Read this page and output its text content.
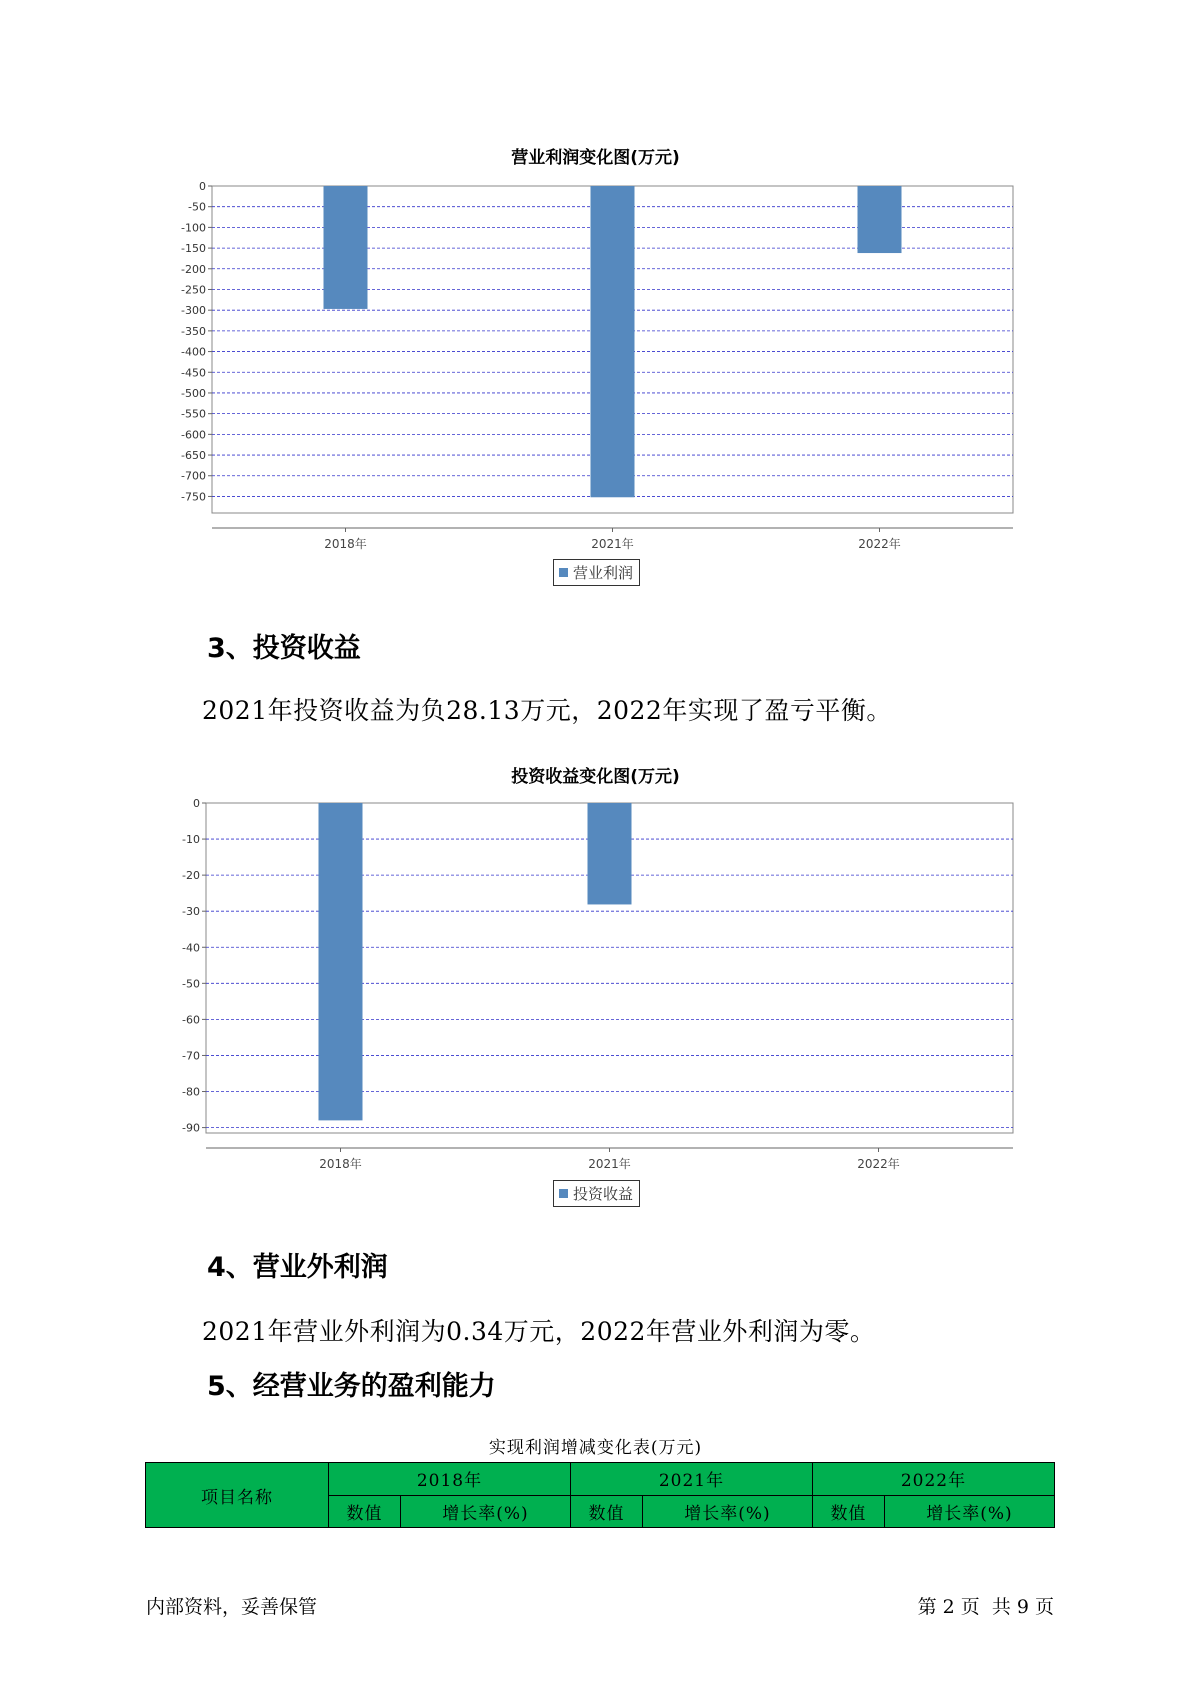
营业利润变化图(万元)
0
-50
-100
-150
-200
-250
-300
-350
-400
-450
-500
-550
-600
-650
-700
-750
2018年	2021年	2022年
营业利润
3、投资收益
2021年投资收益为负28.13万元，2022年实现了盈亏平衡。
投资收益变化图(万元)
0
-10
-20
-30
-40
-50
-60
-70
-80
-90
2018年	2021年	2022年
投资收益
4、营业外利润
2021年营业外利润为0.34万元，2022年营业外利润为零。
5、经营业务的盈利能力
实现利润增减变化表(万元)
项目名称	2018年		2021年		2022年	
	数值	增长率(%)	数值	增长率(%)	数值	增长率(%)
内部资料，妥善保管	第 2 页  共 9 页
